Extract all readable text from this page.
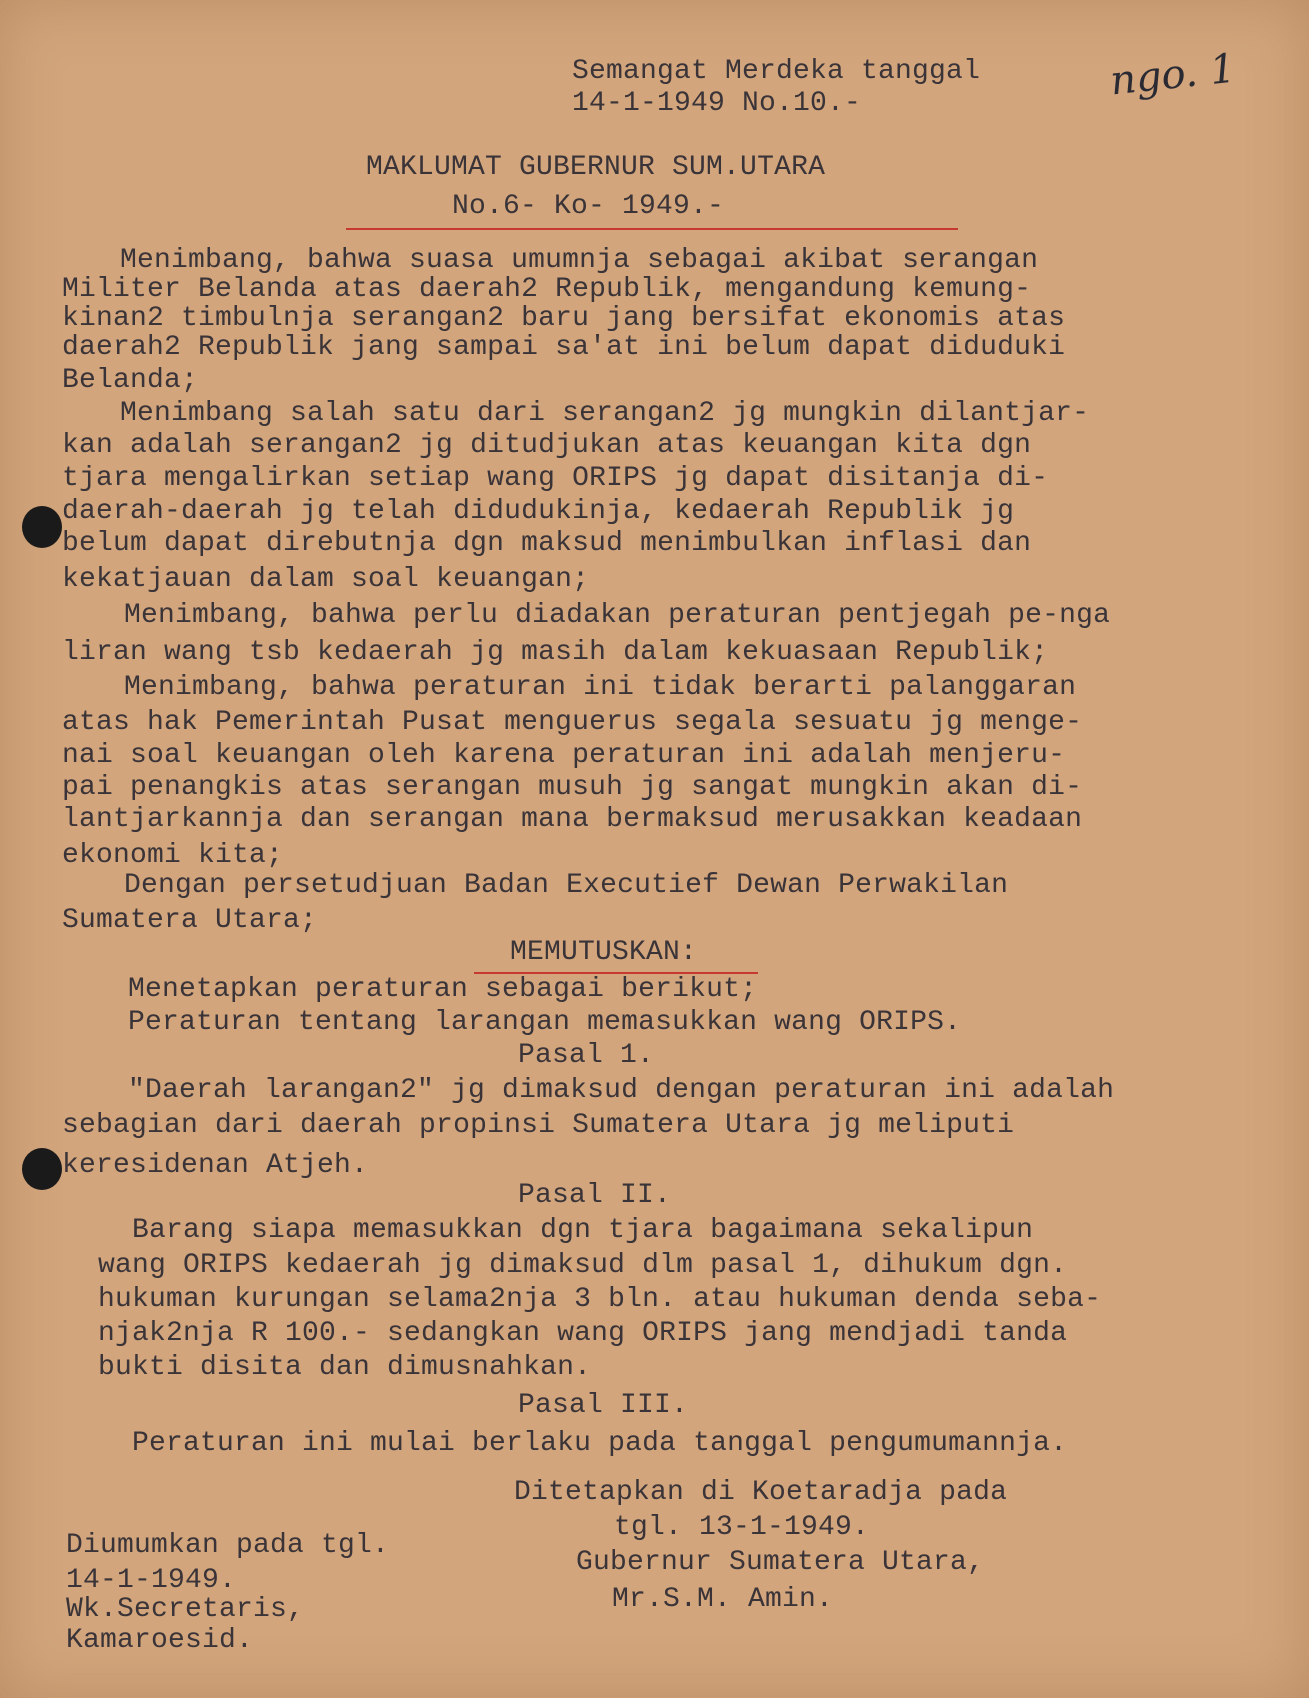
Semangat Merdeka tanggal

14-1-1949 No.10.-	ngo. 1

MAKLUMAT GUBERNUR SUM.UTARA

No.6- Ko- 1949.-

Menimbang, bahwa suasa umumnja sebagai akibat serangan

Militer Belanda atas daerah2 Republik, mengandung kemung-

kinan2 timbulnja serangan2 baru jang bersifat ekonomis atas

daerah2 Republik jang sampai sa'at ini belum dapat diduduki

Belanda;

Menimbang salah satu dari serangan2 jg mungkin dilantjar-

kan adalah serangan2 jg ditudjukan atas keuangan kita dgn

tjara mengalirkan setiap wang ORIPS jg dapat disitanja di-

daerah-daerah jg telah didudukinja, kedaerah Republik jg

belum dapat direbutnja dgn maksud menimbulkan inflasi dan

kekatjauan dalam soal keuangan;

Menimbang, bahwa perlu diadakan peraturan pentjegah pe-nga

liran wang tsb kedaerah jg masih dalam kekuasaan Republik;

Menimbang, bahwa peraturan ini tidak berarti palanggaran

atas hak Pemerintah Pusat menguerus segala sesuatu jg menge-

nai soal keuangan oleh karena peraturan ini adalah menjeru-

pai penangkis atas serangan musuh jg sangat mungkin akan di-

lantjarkannja dan serangan mana bermaksud merusakkan keadaan

ekonomi kita;

Dengan persetudjuan Badan Executief Dewan Perwakilan

Sumatera Utara;

MEMUTUSKAN:

Menetapkan peraturan sebagai berikut;

Peraturan tentang larangan memasukkan wang ORIPS.

Pasal 1.

"Daerah larangan2" jg dimaksud dengan peraturan ini adalah

sebagian dari daerah propinsi Sumatera Utara jg meliputi

keresidenan Atjeh.

Pasal II.

Barang siapa memasukkan dgn tjara bagaimana sekalipun

wang ORIPS kedaerah jg dimaksud dlm pasal 1, dihukum dgn.

hukuman kurungan selama2nja 3 bln. atau hukuman denda seba-

njak2nja R 100.- sedangkan wang ORIPS jang mendjadi tanda

bukti disita dan dimusnahkan.

Pasal III.

Peraturan ini mulai berlaku pada tanggal pengumumannja.

Ditetapkan di Koetaradja pada

tgl. 13-1-1949.

Gubernur Sumatera Utara,

Mr.S.M. Amin.

Diumumkan pada tgl.

14-1-1949.

Wk.Secretaris,

Kamaroesid.
